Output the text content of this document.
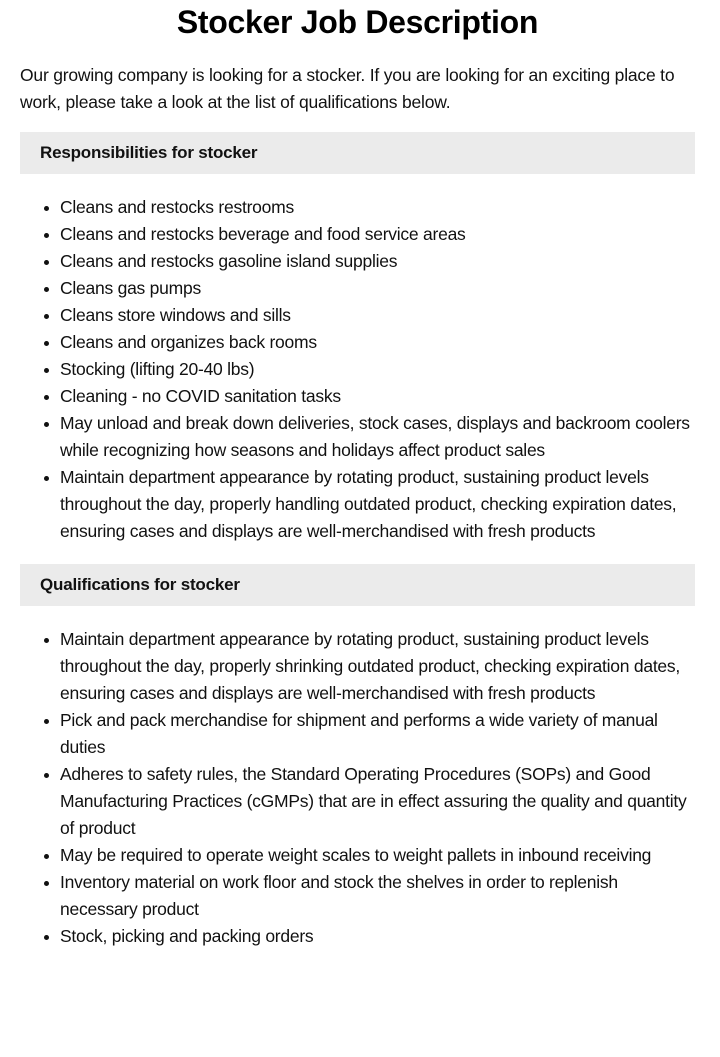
Stocker Job Description

Our growing company is looking for a stocker. If you are looking for an exciting place to work, please take a look at the list of qualifications below.

Responsibilities for stocker
Cleans and restocks restrooms
Cleans and restocks beverage and food service areas
Cleans and restocks gasoline island supplies
Cleans gas pumps
Cleans store windows and sills
Cleans and organizes back rooms
Stocking (lifting 20-40 lbs)
Cleaning - no COVID sanitation tasks
May unload and break down deliveries, stock cases, displays and backroom coolers while recognizing how seasons and holidays affect product sales
Maintain department appearance by rotating product, sustaining product levels throughout the day, properly handling outdated product, checking expiration dates, ensuring cases and displays are well-merchandised with fresh products
Qualifications for stocker
Maintain department appearance by rotating product, sustaining product levels throughout the day, properly shrinking outdated product, checking expiration dates, ensuring cases and displays are well-merchandised with fresh products
Pick and pack merchandise for shipment and performs a wide variety of manual duties
Adheres to safety rules, the Standard Operating Procedures (SOPs) and Good Manufacturing Practices (cGMPs) that are in effect assuring the quality and quantity of product
May be required to operate weight scales to weight pallets in inbound receiving
Inventory material on work floor and stock the shelves in order to replenish necessary product
Stock, picking and packing orders
